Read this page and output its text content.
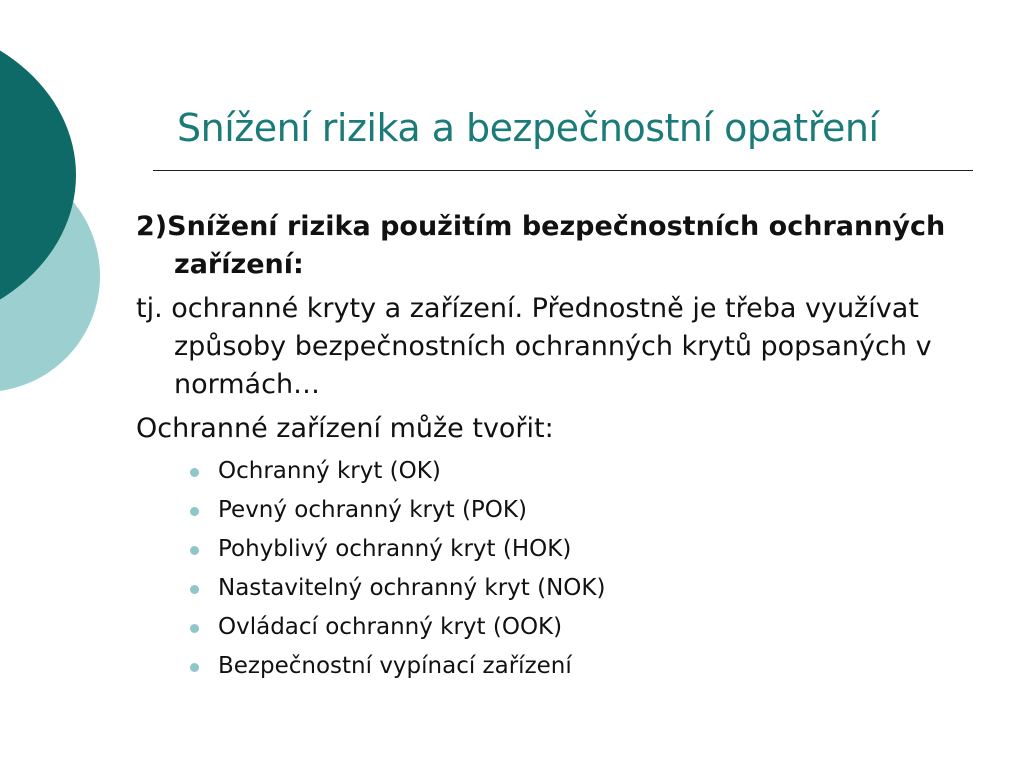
Snížení rizika a bezpečnostní opatření

2)Snížení rizika použitím bezpečnostních ochranných zařízení:

tj. ochranné kryty a zařízení. Přednostně je třeba využívat způsoby bezpečnostních ochranných krytů popsaných v normách…

Ochranné zařízení může tvořit:

Ochranný kryt (OK)
Pevný ochranný kryt (POK)
Pohyblivý ochranný kryt (HOK)
Nastavitelný ochranný kryt (NOK)
Ovládací ochranný kryt (OOK)
Bezpečnostní vypínací zařízení
